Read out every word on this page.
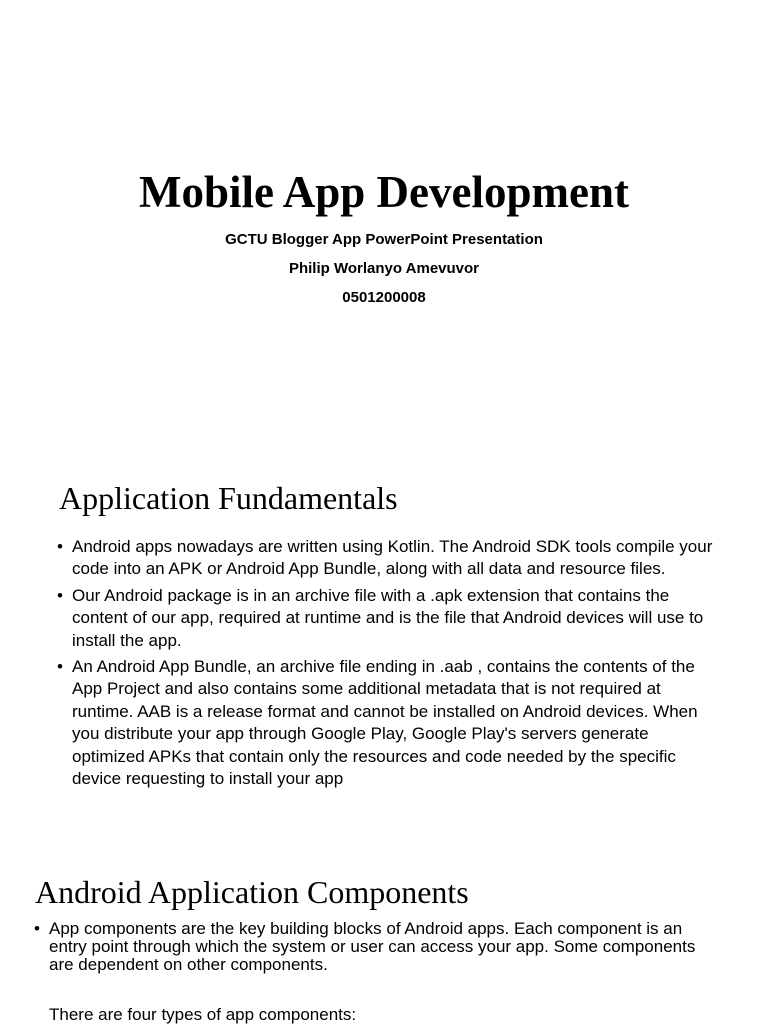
Mobile App Development

GCTU Blogger App PowerPoint Presentation

Philip Worlanyo Amevuvor

0501200008

Application Fundamentals
• Android apps nowadays are written using Kotlin. The Android SDK tools compile your code into an APK or Android App Bundle, along with all data and resource files.
• Our Android package is in an archive file with a .apk extension that contains the content of our app, required at runtime and is the file that Android devices will use to install the app.
• An Android App Bundle, an archive file ending in .aab , contains the contents of the App Project and also contains some additional metadata that is not required at runtime. AAB is a release format and cannot be installed on Android devices. When you distribute your app through Google Play, Google Play's servers generate optimized APKs that contain only the resources and code needed by the specific device requesting to install your app
Android Application Components
• App components are the key building blocks of Android apps. Each component is an entry point through which the system or user can access your app. Some components are dependent on other components.

There are four types of app components:
